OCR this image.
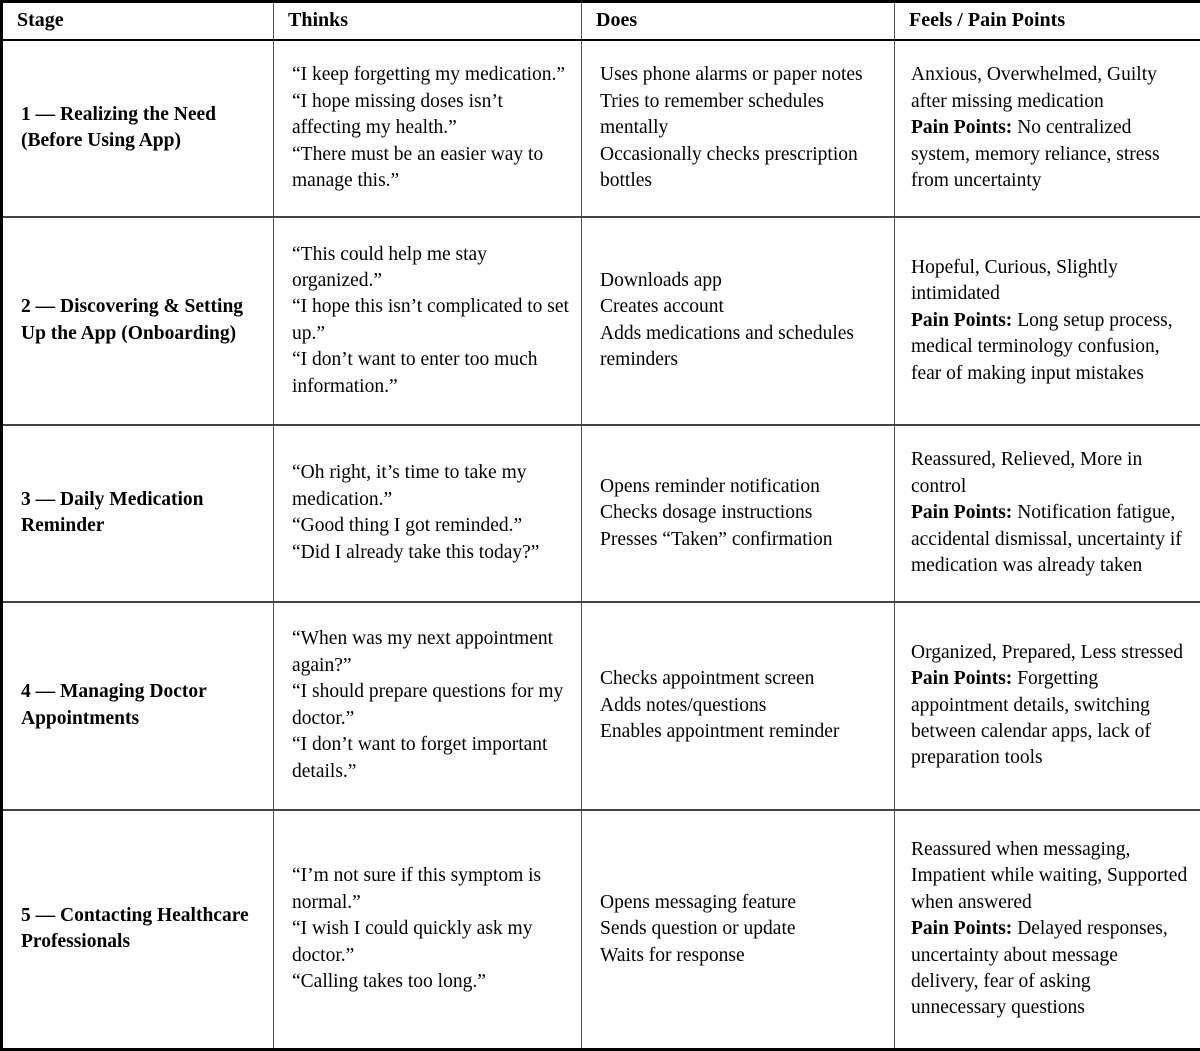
Stage	Thinks	Does	Feels / Pain Points
1 — Realizing the Need (Before Using App)	“I keep forgetting my medication.”
“I hope missing doses isn’t affecting my health.”
“There must be an easier way to manage this.”	Uses phone alarms or paper notes
Tries to remember schedules mentally
Occasionally checks prescription bottles	Anxious, Overwhelmed, Guilty after missing medication
Pain Points: No centralized system, memory reliance, stress from uncertainty
2 — Discovering & Setting Up the App (Onboarding)	“This could help me stay organized.”
“I hope this isn’t complicated to set up.”
“I don’t want to enter too much information.”	Downloads app
Creates account
Adds medications and schedules reminders	Hopeful, Curious, Slightly intimidated
Pain Points: Long setup process, medical terminology confusion, fear of making input mistakes
3 — Daily Medication Reminder	“Oh right, it’s time to take my medication.”
“Good thing I got reminded.”
“Did I already take this today?”	Opens reminder notification
Checks dosage instructions
Presses “Taken” confirmation	Reassured, Relieved, More in control
Pain Points: Notification fatigue, accidental dismissal, uncertainty if medication was already taken
4 — Managing Doctor Appointments	“When was my next appointment again?”
“I should prepare questions for my doctor.”
“I don’t want to forget important details.”	Checks appointment screen
Adds notes/questions
Enables appointment reminder	Organized, Prepared, Less stressed
Pain Points: Forgetting appointment details, switching between calendar apps, lack of preparation tools
5 — Contacting Healthcare Professionals	“I’m not sure if this symptom is normal.”
“I wish I could quickly ask my doctor.”
“Calling takes too long.”	Opens messaging feature
Sends question or update
Waits for response	Reassured when messaging, Impatient while waiting, Supported when answered
Pain Points: Delayed responses, uncertainty about message delivery, fear of asking unnecessary questions
